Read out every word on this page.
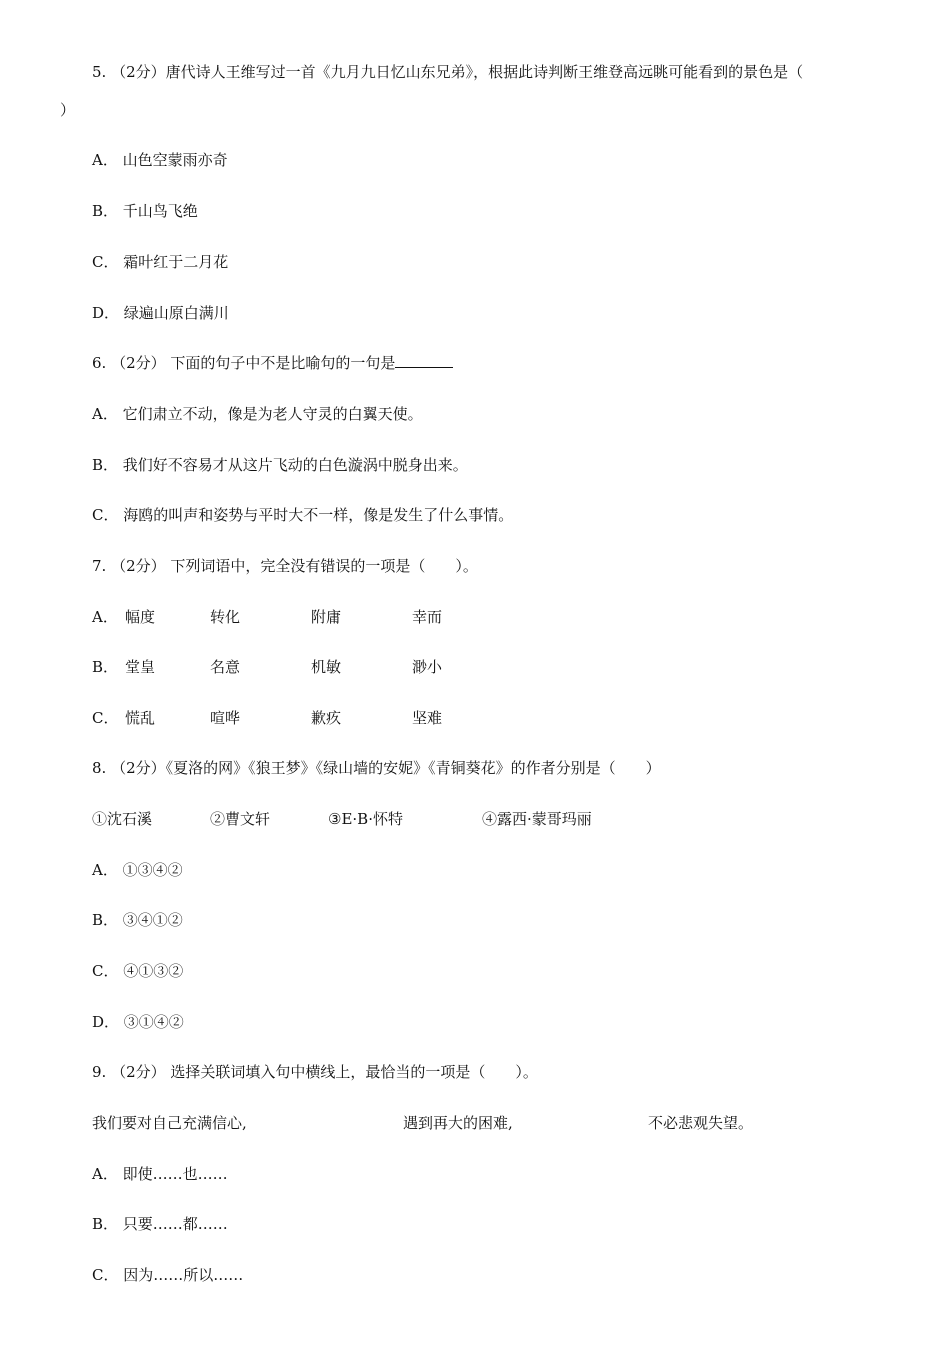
5. （2分）唐代诗人王维写过一首《九月九日忆山东兄弟》，根据此诗判断王维登高远眺可能看到的景色是（
）
A． 山色空蒙雨亦奇
B． 千山鸟飞绝
C． 霜叶红于二月花
D． 绿遍山原白满川
6. （2分） 下面的句子中不是比喻句的一句是
A． 它们肃立不动，像是为老人守灵的白翼天使。
B． 我们好不容易才从这片飞动的白色漩涡中脱身出来。
C． 海鸥的叫声和姿势与平时大不一样，像是发生了什么事情。
7. （2分） 下列词语中，完全没有错误的一项是（　　）。
A． 幅度	转化	附庸	幸而
B． 堂皇	名意	机敏	渺小
C． 慌乱	喧哗	歉疚	坚难
8. （2分）《夏洛的网》《狼王梦》《绿山墙的安妮》《青铜葵花》的作者分别是（　　）
①沈石溪	②曹文轩	③E·B·怀特	④露西·蒙哥玛丽
A． ①③④②
B． ③④①②
C． ④①③②
D． ③①④②
9. （2分） 选择关联词填入句中横线上，最恰当的一项是（　　）。
我们要对自己充满信心,	遇到再大的困难,	不必悲观失望。
A． 即使……也……
B． 只要……都……
C． 因为……所以……
